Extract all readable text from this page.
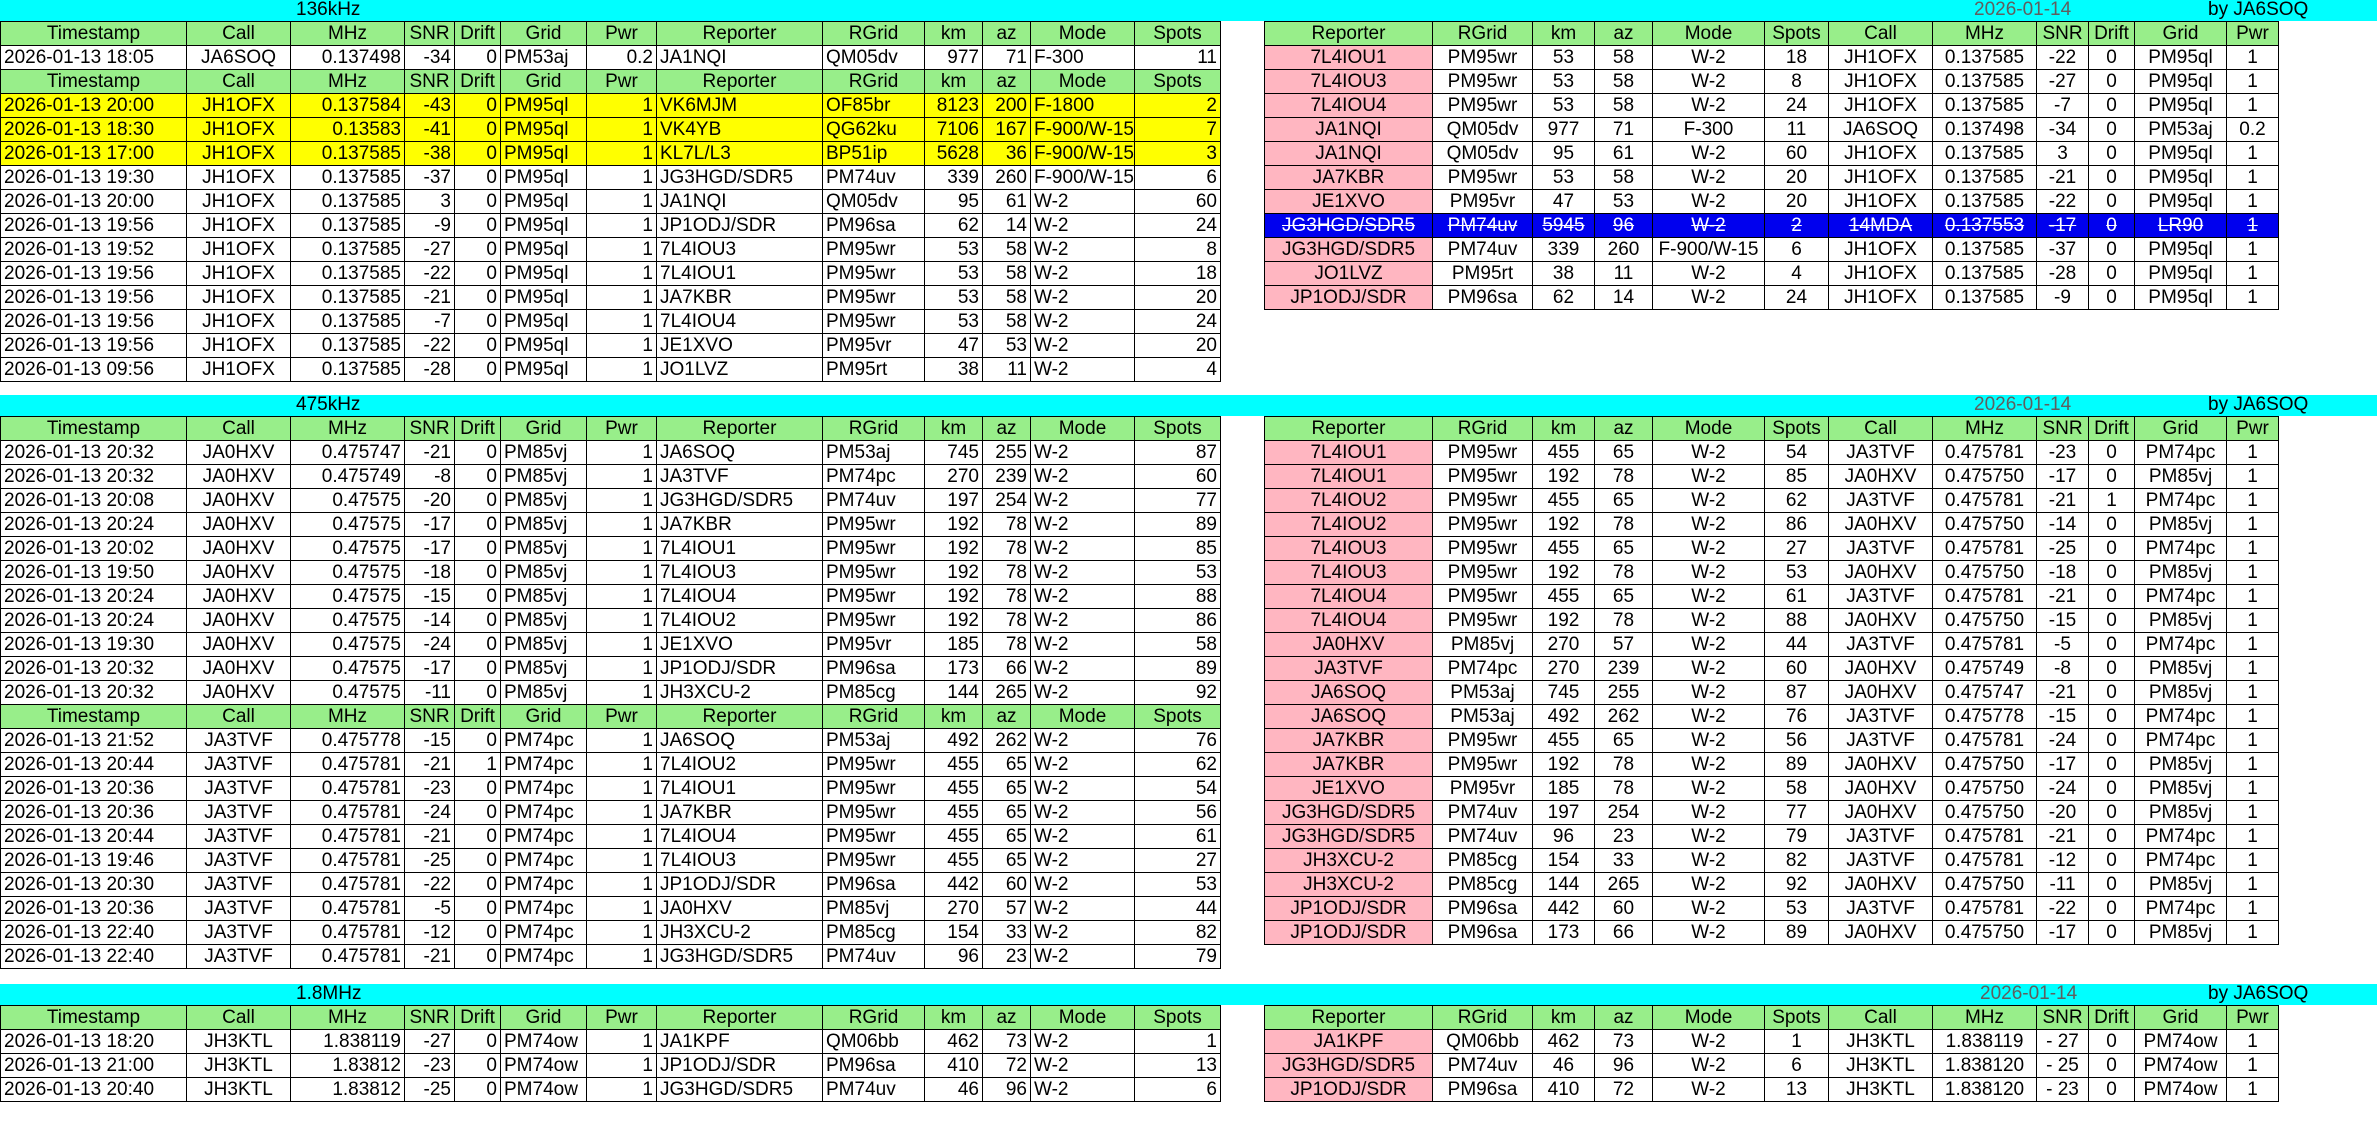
136kHz	2026-01-14	by JA6SOQ
Timestamp	Call	MHz	SNR	Drift	Grid	Pwr	Reporter	RGrid	km	az	Mode	Spots
2026-01-13 18:05	JA6SOQ	0.137498	-34	0	PM53aj	0.2	JA1NQI	QM05dv	977	71	F-300	11
Timestamp	Call	MHz	SNR	Drift	Grid	Pwr	Reporter	RGrid	km	az	Mode	Spots
2026-01-13 20:00	JH1OFX	0.137584	-43	0	PM95ql	1	VK6MJM	OF85br	8123	200	F-1800	2
2026-01-13 18:30	JH1OFX	0.13583	-41	0	PM95ql	1	VK4YB	QG62ku	7106	167	F-900/W-15	7
2026-01-13 17:00	JH1OFX	0.137585	-38	0	PM95ql	1	KL7L/L3	BP51ip	5628	36	F-900/W-15	3
2026-01-13 19:30	JH1OFX	0.137585	-37	0	PM95ql	1	JG3HGD/SDR5	PM74uv	339	260	F-900/W-15	6
2026-01-13 20:00	JH1OFX	0.137585	3	0	PM95ql	1	JA1NQI	QM05dv	95	61	W-2	60
2026-01-13 19:56	JH1OFX	0.137585	-9	0	PM95ql	1	JP1ODJ/SDR	PM96sa	62	14	W-2	24
2026-01-13 19:52	JH1OFX	0.137585	-27	0	PM95ql	1	7L4IOU3	PM95wr	53	58	W-2	8
2026-01-13 19:56	JH1OFX	0.137585	-22	0	PM95ql	1	7L4IOU1	PM95wr	53	58	W-2	18
2026-01-13 19:56	JH1OFX	0.137585	-21	0	PM95ql	1	JA7KBR	PM95wr	53	58	W-2	20
2026-01-13 19:56	JH1OFX	0.137585	-7	0	PM95ql	1	7L4IOU4	PM95wr	53	58	W-2	24
2026-01-13 19:56	JH1OFX	0.137585	-22	0	PM95ql	1	JE1XVO	PM95vr	47	53	W-2	20
2026-01-13 09:56	JH1OFX	0.137585	-28	0	PM95ql	1	JO1LVZ	PM95rt	38	11	W-2	4
Reporter	RGrid	km	az	Mode	Spots	Call	MHz	SNR	Drift	Grid	Pwr
7L4IOU1	PM95wr	53	58	W-2	18	JH1OFX	0.137585	-22	0	PM95ql	1
7L4IOU3	PM95wr	53	58	W-2	8	JH1OFX	0.137585	-27	0	PM95ql	1
7L4IOU4	PM95wr	53	58	W-2	24	JH1OFX	0.137585	-7	0	PM95ql	1
JA1NQI	QM05dv	977	71	F-300	11	JA6SOQ	0.137498	-34	0	PM53aj	0.2
JA1NQI	QM05dv	95	61	W-2	60	JH1OFX	0.137585	3	0	PM95ql	1
JA7KBR	PM95wr	53	58	W-2	20	JH1OFX	0.137585	-21	0	PM95ql	1
JE1XVO	PM95vr	47	53	W-2	20	JH1OFX	0.137585	-22	0	PM95ql	1
JG3HGD/SDR5	PM74uv	5945	96	W-2	2	14MDA	0.137553	-17	0	LR90	1
JG3HGD/SDR5	PM74uv	339	260	F-900/W-15	6	JH1OFX	0.137585	-37	0	PM95ql	1
JO1LVZ	PM95rt	38	11	W-2	4	JH1OFX	0.137585	-28	0	PM95ql	1
JP1ODJ/SDR	PM96sa	62	14	W-2	24	JH1OFX	0.137585	-9	0	PM95ql	1
475kHz	2026-01-14	by JA6SOQ
Timestamp	Call	MHz	SNR	Drift	Grid	Pwr	Reporter	RGrid	km	az	Mode	Spots
2026-01-13 20:32	JA0HXV	0.475747	-21	0	PM85vj	1	JA6SOQ	PM53aj	745	255	W-2	87
2026-01-13 20:32	JA0HXV	0.475749	-8	0	PM85vj	1	JA3TVF	PM74pc	270	239	W-2	60
2026-01-13 20:08	JA0HXV	0.47575	-20	0	PM85vj	1	JG3HGD/SDR5	PM74uv	197	254	W-2	77
2026-01-13 20:24	JA0HXV	0.47575	-17	0	PM85vj	1	JA7KBR	PM95wr	192	78	W-2	89
2026-01-13 20:02	JA0HXV	0.47575	-17	0	PM85vj	1	7L4IOU1	PM95wr	192	78	W-2	85
2026-01-13 19:50	JA0HXV	0.47575	-18	0	PM85vj	1	7L4IOU3	PM95wr	192	78	W-2	53
2026-01-13 20:24	JA0HXV	0.47575	-15	0	PM85vj	1	7L4IOU4	PM95wr	192	78	W-2	88
2026-01-13 20:24	JA0HXV	0.47575	-14	0	PM85vj	1	7L4IOU2	PM95wr	192	78	W-2	86
2026-01-13 19:30	JA0HXV	0.47575	-24	0	PM85vj	1	JE1XVO	PM95vr	185	78	W-2	58
2026-01-13 20:32	JA0HXV	0.47575	-17	0	PM85vj	1	JP1ODJ/SDR	PM96sa	173	66	W-2	89
2026-01-13 20:32	JA0HXV	0.47575	-11	0	PM85vj	1	JH3XCU-2	PM85cg	144	265	W-2	92
Timestamp	Call	MHz	SNR	Drift	Grid	Pwr	Reporter	RGrid	km	az	Mode	Spots
2026-01-13 21:52	JA3TVF	0.475778	-15	0	PM74pc	1	JA6SOQ	PM53aj	492	262	W-2	76
2026-01-13 20:44	JA3TVF	0.475781	-21	1	PM74pc	1	7L4IOU2	PM95wr	455	65	W-2	62
2026-01-13 20:36	JA3TVF	0.475781	-23	0	PM74pc	1	7L4IOU1	PM95wr	455	65	W-2	54
2026-01-13 20:36	JA3TVF	0.475781	-24	0	PM74pc	1	JA7KBR	PM95wr	455	65	W-2	56
2026-01-13 20:44	JA3TVF	0.475781	-21	0	PM74pc	1	7L4IOU4	PM95wr	455	65	W-2	61
2026-01-13 19:46	JA3TVF	0.475781	-25	0	PM74pc	1	7L4IOU3	PM95wr	455	65	W-2	27
2026-01-13 20:30	JA3TVF	0.475781	-22	0	PM74pc	1	JP1ODJ/SDR	PM96sa	442	60	W-2	53
2026-01-13 20:36	JA3TVF	0.475781	-5	0	PM74pc	1	JA0HXV	PM85vj	270	57	W-2	44
2026-01-13 22:40	JA3TVF	0.475781	-12	0	PM74pc	1	JH3XCU-2	PM85cg	154	33	W-2	82
2026-01-13 22:40	JA3TVF	0.475781	-21	0	PM74pc	1	JG3HGD/SDR5	PM74uv	96	23	W-2	79
Reporter	RGrid	km	az	Mode	Spots	Call	MHz	SNR	Drift	Grid	Pwr
7L4IOU1	PM95wr	455	65	W-2	54	JA3TVF	0.475781	-23	0	PM74pc	1
7L4IOU1	PM95wr	192	78	W-2	85	JA0HXV	0.475750	-17	0	PM85vj	1
7L4IOU2	PM95wr	455	65	W-2	62	JA3TVF	0.475781	-21	1	PM74pc	1
7L4IOU2	PM95wr	192	78	W-2	86	JA0HXV	0.475750	-14	0	PM85vj	1
7L4IOU3	PM95wr	455	65	W-2	27	JA3TVF	0.475781	-25	0	PM74pc	1
7L4IOU3	PM95wr	192	78	W-2	53	JA0HXV	0.475750	-18	0	PM85vj	1
7L4IOU4	PM95wr	455	65	W-2	61	JA3TVF	0.475781	-21	0	PM74pc	1
7L4IOU4	PM95wr	192	78	W-2	88	JA0HXV	0.475750	-15	0	PM85vj	1
JA0HXV	PM85vj	270	57	W-2	44	JA3TVF	0.475781	-5	0	PM74pc	1
JA3TVF	PM74pc	270	239	W-2	60	JA0HXV	0.475749	-8	0	PM85vj	1
JA6SOQ	PM53aj	745	255	W-2	87	JA0HXV	0.475747	-21	0	PM85vj	1
JA6SOQ	PM53aj	492	262	W-2	76	JA3TVF	0.475778	-15	0	PM74pc	1
JA7KBR	PM95wr	455	65	W-2	56	JA3TVF	0.475781	-24	0	PM74pc	1
JA7KBR	PM95wr	192	78	W-2	89	JA0HXV	0.475750	-17	0	PM85vj	1
JE1XVO	PM95vr	185	78	W-2	58	JA0HXV	0.475750	-24	0	PM85vj	1
JG3HGD/SDR5	PM74uv	197	254	W-2	77	JA0HXV	0.475750	-20	0	PM85vj	1
JG3HGD/SDR5	PM74uv	96	23	W-2	79	JA3TVF	0.475781	-21	0	PM74pc	1
JH3XCU-2	PM85cg	154	33	W-2	82	JA3TVF	0.475781	-12	0	PM74pc	1
JH3XCU-2	PM85cg	144	265	W-2	92	JA0HXV	0.475750	-11	0	PM85vj	1
JP1ODJ/SDR	PM96sa	442	60	W-2	53	JA3TVF	0.475781	-22	0	PM74pc	1
JP1ODJ/SDR	PM96sa	173	66	W-2	89	JA0HXV	0.475750	-17	0	PM85vj	1
1.8MHz	2026-01-14	by JA6SOQ
Timestamp	Call	MHz	SNR	Drift	Grid	Pwr	Reporter	RGrid	km	az	Mode	Spots
2026-01-13 18:20	JH3KTL	1.838119	-27	0	PM74ow	1	JA1KPF	QM06bb	462	73	W-2	1
2026-01-13 21:00	JH3KTL	1.83812	-23	0	PM74ow	1	JP1ODJ/SDR	PM96sa	410	72	W-2	13
2026-01-13 20:40	JH3KTL	1.83812	-25	0	PM74ow	1	JG3HGD/SDR5	PM74uv	46	96	W-2	6
Reporter	RGrid	km	az	Mode	Spots	Call	MHz	SNR	Drift	Grid	Pwr
JA1KPF	QM06bb	462	73	W-2	1	JH3KTL	1.838119	- 27	0	PM74ow	1
JG3HGD/SDR5	PM74uv	46	96	W-2	6	JH3KTL	1.838120	- 25	0	PM74ow	1
JP1ODJ/SDR	PM96sa	410	72	W-2	13	JH3KTL	1.838120	- 23	0	PM74ow	1
